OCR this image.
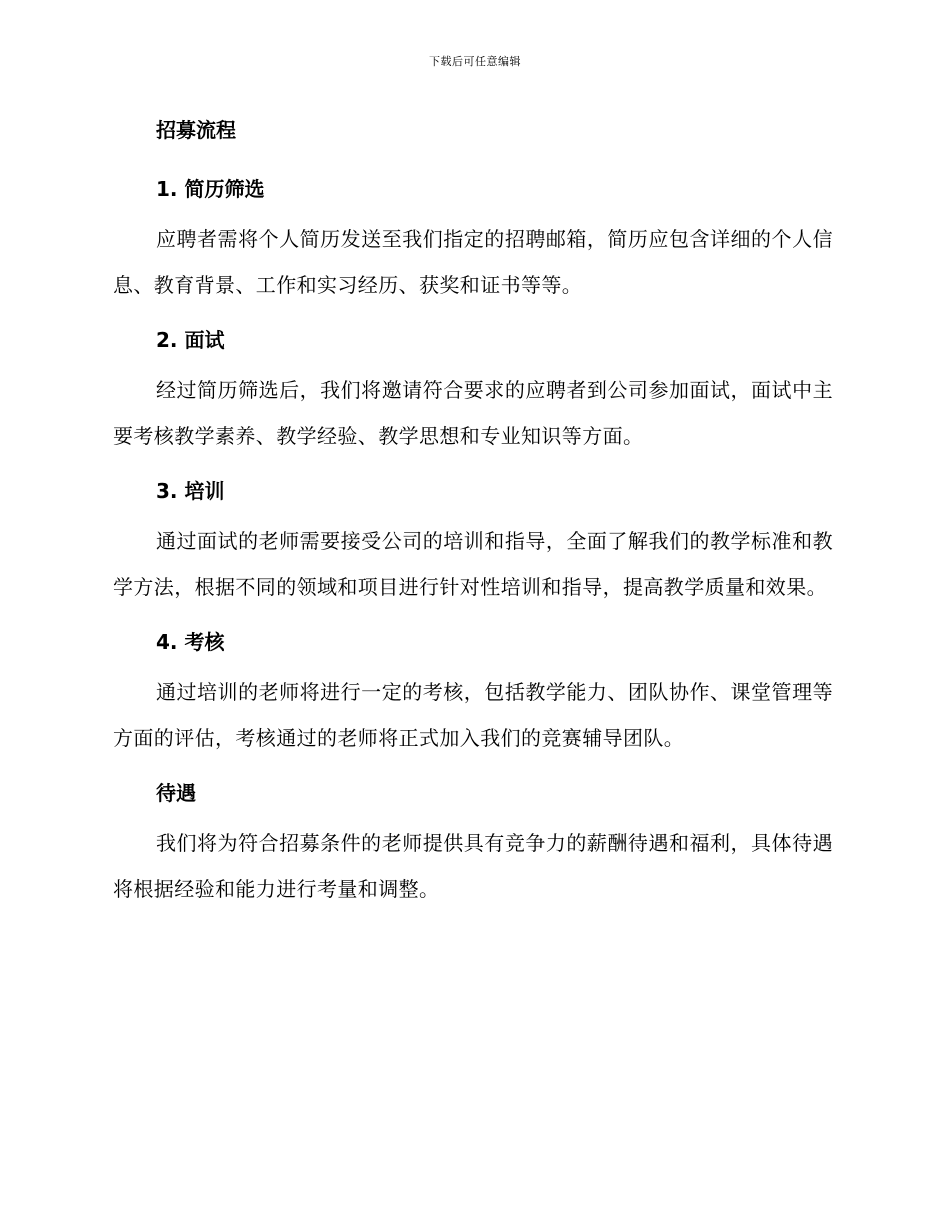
下载后可任意编辑
招募流程
1. 简历筛选

应聘者需将个人简历发送至我们指定的招聘邮箱，简历应包含详细的个人信息、教育背景、工作和实习经历、获奖和证书等等。

2. 面试

经过简历筛选后，我们将邀请符合要求的应聘者到公司参加面试，面试中主要考核教学素养、教学经验、教学思想和专业知识等方面。

3. 培训

通过面试的老师需要接受公司的培训和指导，全面了解我们的教学标准和教学方法，根据不同的领域和项目进行针对性培训和指导，提高教学质量和效果。

4. 考核

通过培训的老师将进行一定的考核，包括教学能力、团队协作、课堂管理等方面的评估，考核通过的老师将正式加入我们的竞赛辅导团队。

待遇

我们将为符合招募条件的老师提供具有竞争力的薪酬待遇和福利，具体待遇将根据经验和能力进行考量和调整。
